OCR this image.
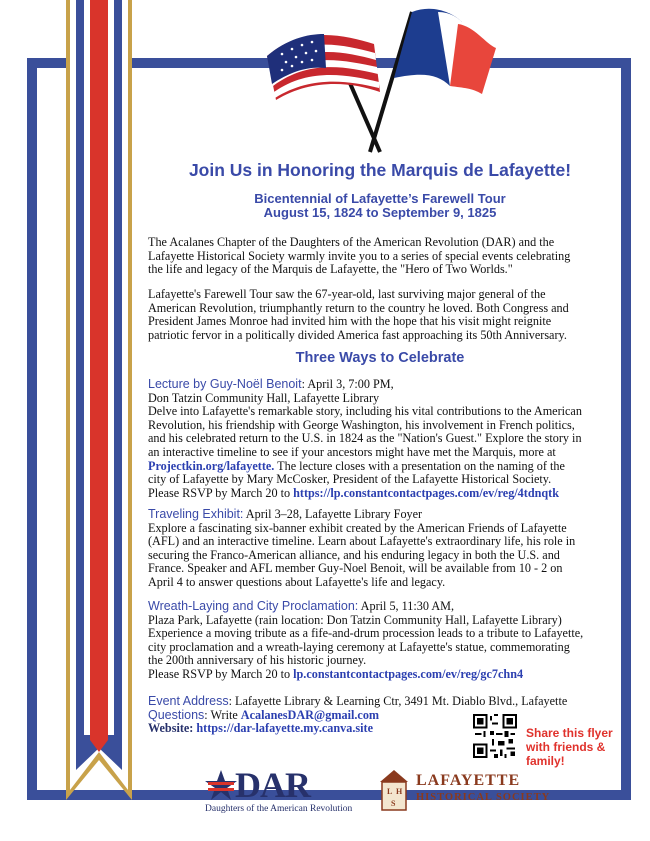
Join Us in Honoring the Marquis de Lafayette!
Bicentennial of Lafayette’s Farewell Tour
August 15, 1824 to September 9, 1825
The Acalanes Chapter of the Daughters of the American Revolution (DAR) and the
Lafayette Historical Society warmly invite you to a series of special events celebrating
the life and legacy of the Marquis de Lafayette, the "Hero of Two Worlds."
Lafayette's Farewell Tour saw the 67-year-old, last surviving major general of the
American Revolution, triumphantly return to the country he loved. Both Congress and
President James Monroe had invited him with the hope that his visit might reignite
patriotic fervor in a politically divided America fast approaching its 50th Anniversary.
Three Ways to Celebrate
Lecture by Guy-Noël Benoit: April 3, 7:00 PM,
Don Tatzin Community Hall, Lafayette Library
Delve into Lafayette's remarkable story, including his vital contributions to the American
Revolution, his friendship with George Washington, his involvement in French politics,
and his celebrated return to the U.S. in 1824 as the "Nation's Guest." Explore the story in
an interactive timeline to see if your ancestors might have met the Marquis, more at
Projectkin.org/lafayette. The lecture closes with a presentation on the naming of the
city of Lafayette by Mary McCosker, President of the Lafayette Historical Society.
Please RSVP by March 20 to https://lp.constantcontactpages.com/ev/reg/4tdnqtk
Traveling Exhibit: April 3–28, Lafayette Library Foyer
Explore a fascinating six-banner exhibit created by the American Friends of Lafayette
(AFL) and an interactive timeline. Learn about Lafayette's extraordinary life, his role in
securing the Franco-American alliance, and his enduring legacy in both the U.S. and
France. Speaker and AFL member Guy-Noel Benoit, will be available from 10 - 2 on
April 4 to answer questions about Lafayette's life and legacy.
Wreath-Laying and City Proclamation: April 5, 11:30 AM,
Plaza Park, Lafayette (rain location: Don Tatzin Community Hall, Lafayette Library)
Experience a moving tribute as a fife-and-drum procession leads to a tribute to Lafayette,
city proclamation and a wreath-laying ceremony at Lafayette's statue, commemorating
the 200th anniversary of his historic journey.
Please RSVP by March 20 to lp.constantcontactpages.com/ev/reg/gc7chn4
Event Address: Lafayette Library & Learning Ctr, 3491 Mt. Diablo Blvd., Lafayette
Questions: Write AcalanesDAR@gmail.com
Website: https://dar-lafayette.my.canva.site	Share this flyer
with friends &
family!
DAR
Daughters of the American Revolution
L H
S
LAFAYETTE
HISTORICAL SOCIETY
